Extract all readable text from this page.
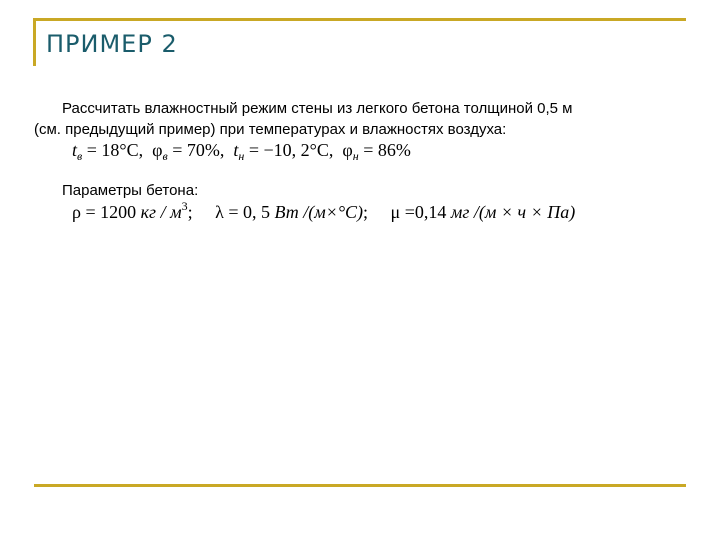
ПРИМЕР 2
Рассчитать влажностный режим стены из легкого бетона толщиной 0,5 м
(см. предыдущий пример) при температурах и влажностях воздуха:
$t_в = 18^\circ C$,  $\varphi_в = 70\%$,  $t_н = -10$, 2°C,  $\varphi_н = 86\%$
Параметры бетона:
ρ = 1200 кг / $м^3$; λ = 0, 5 Вт /(м×°С); μ =0,14 мг /(м × ч × Па)
